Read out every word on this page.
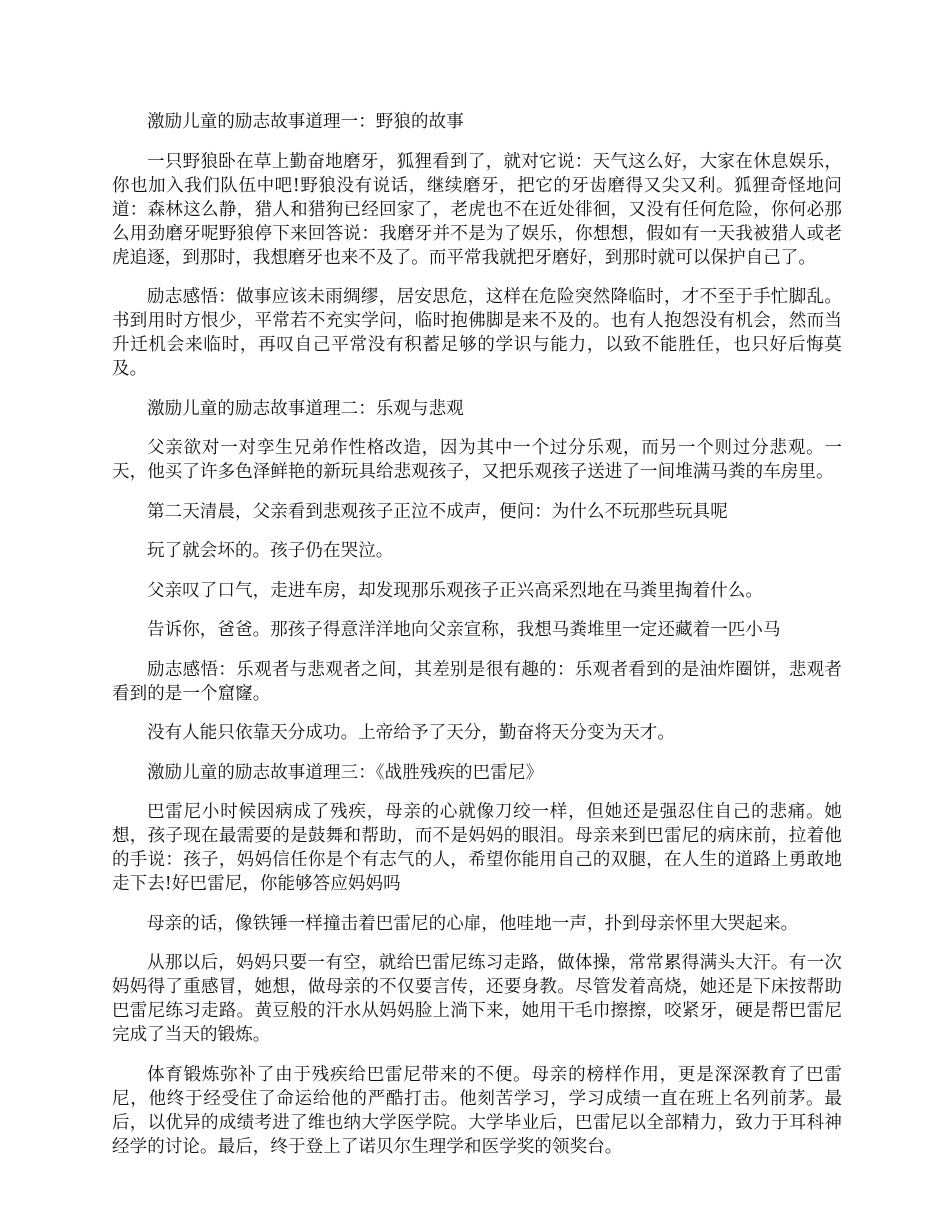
激励儿童的励志故事道理一：野狼的故事

一只野狼卧在草上勤奋地磨牙，狐狸看到了，就对它说：天气这么好，大家在休息娱乐，你也加入我们队伍中吧!野狼没有说话，继续磨牙，把它的牙齿磨得又尖又利。狐狸奇怪地问道：森林这么静，猎人和猎狗已经回家了，老虎也不在近处徘徊，又没有任何危险，你何必那么用劲磨牙呢野狼停下来回答说：我磨牙并不是为了娱乐，你想想，假如有一天我被猎人或老虎追逐，到那时，我想磨牙也来不及了。而平常我就把牙磨好，到那时就可以保护自己了。

励志感悟：做事应该未雨绸缪，居安思危，这样在危险突然降临时，才不至于手忙脚乱。书到用时方恨少，平常若不充实学问，临时抱佛脚是来不及的。也有人抱怨没有机会，然而当升迁机会来临时，再叹自己平常没有积蓄足够的学识与能力，以致不能胜任，也只好后悔莫及。

激励儿童的励志故事道理二：乐观与悲观

父亲欲对一对孪生兄弟作性格改造，因为其中一个过分乐观，而另一个则过分悲观。一天，他买了许多色泽鲜艳的新玩具给悲观孩子，又把乐观孩子送进了一间堆满马粪的车房里。

第二天清晨，父亲看到悲观孩子正泣不成声，便问：为什么不玩那些玩具呢

玩了就会坏的。孩子仍在哭泣。

父亲叹了口气，走进车房，却发现那乐观孩子正兴高采烈地在马粪里掏着什么。

告诉你，爸爸。那孩子得意洋洋地向父亲宣称，我想马粪堆里一定还藏着一匹小马

励志感悟：乐观者与悲观者之间，其差别是很有趣的：乐观者看到的是油炸圈饼，悲观者看到的是一个窟窿。

没有人能只依靠天分成功。上帝给予了天分，勤奋将天分变为天才。

激励儿童的励志故事道理三：《战胜残疾的巴雷尼》

巴雷尼小时候因病成了残疾，母亲的心就像刀绞一样，但她还是强忍住自己的悲痛。她想，孩子现在最需要的是鼓舞和帮助，而不是妈妈的眼泪。母亲来到巴雷尼的病床前，拉着他的手说：孩子，妈妈信任你是个有志气的人，希望你能用自己的双腿，在人生的道路上勇敢地走下去!好巴雷尼，你能够答应妈妈吗

母亲的话，像铁锤一样撞击着巴雷尼的心扉，他哇地一声，扑到母亲怀里大哭起来。

从那以后，妈妈只要一有空，就给巴雷尼练习走路，做体操，常常累得满头大汗。有一次妈妈得了重感冒，她想，做母亲的不仅要言传，还要身教。尽管发着高烧，她还是下床按帮助巴雷尼练习走路。黄豆般的汗水从妈妈脸上淌下来，她用干毛巾擦擦，咬紧牙，硬是帮巴雷尼完成了当天的锻炼。

体育锻炼弥补了由于残疾给巴雷尼带来的不便。母亲的榜样作用，更是深深教育了巴雷尼，他终于经受住了命运给他的严酷打击。他刻苦学习，学习成绩一直在班上名列前茅。最后，以优异的成绩考进了维也纳大学医学院。大学毕业后，巴雷尼以全部精力，致力于耳科神经学的讨论。最后，终于登上了诺贝尔生理学和医学奖的领奖台。
